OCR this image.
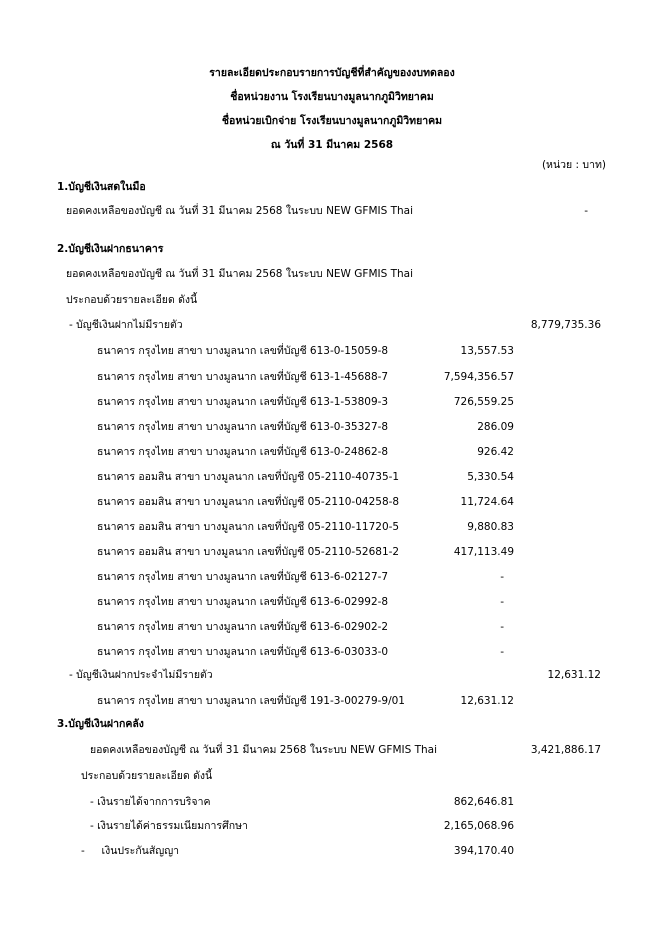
รายละเอียดประกอบรายการบัญชีที่สำคัญของงบทดลอง
ชื่อหน่วยงาน โรงเรียนบางมูลนากภูมิวิทยาคม
ชื่อหน่วยเบิกจ่าย โรงเรียนบางมูลนากภูมิวิทยาคม
ณ วันที่ 31 มีนาคม 2568
(หน่วย : บาท)
1.บัญชีเงินสดในมือ
ยอดคงเหลือของบัญชี ณ วันที่ 31 มีนาคม 2568 ในระบบ NEW GFMIS Thai	-
2.บัญชีเงินฝากธนาคาร
ยอดคงเหลือของบัญชี ณ วันที่ 31 มีนาคม 2568 ในระบบ NEW GFMIS Thai
ประกอบด้วยรายละเอียด ดังนี้
- บัญชีเงินฝากไม่มีรายตัว	8,779,735.36
ธนาคาร กรุงไทย สาขา บางมูลนาก เลขที่บัญชี 613-0-15059-8	13,557.53
ธนาคาร กรุงไทย สาขา บางมูลนาก เลขที่บัญชี 613-1-45688-7	7,594,356.57
ธนาคาร กรุงไทย สาขา บางมูลนาก เลขที่บัญชี 613-1-53809-3	726,559.25
ธนาคาร กรุงไทย สาขา บางมูลนาก เลขที่บัญชี 613-0-35327-8	286.09
ธนาคาร กรุงไทย สาขา บางมูลนาก เลขที่บัญชี 613-0-24862-8	926.42
ธนาคาร ออมสิน สาขา บางมูลนาก เลขที่บัญชี 05-2110-40735-1	5,330.54
ธนาคาร ออมสิน สาขา บางมูลนาก เลขที่บัญชี 05-2110-04258-8	11,724.64
ธนาคาร ออมสิน สาขา บางมูลนาก เลขที่บัญชี 05-2110-11720-5	9,880.83
ธนาคาร ออมสิน สาขา บางมูลนาก เลขที่บัญชี 05-2110-52681-2	417,113.49
ธนาคาร กรุงไทย สาขา บางมูลนาก เลขที่บัญชี 613-6-02127-7	-
ธนาคาร กรุงไทย สาขา บางมูลนาก เลขที่บัญชี 613-6-02992-8	-
ธนาคาร กรุงไทย สาขา บางมูลนาก เลขที่บัญชี 613-6-02902-2	-
ธนาคาร กรุงไทย สาขา บางมูลนาก เลขที่บัญชี 613-6-03033-0	-
- บัญชีเงินฝากประจำไม่มีรายตัว	12,631.12
ธนาคาร กรุงไทย สาขา บางมูลนาก เลขที่บัญชี 191-3-00279-9/01	12,631.12
3.บัญชีเงินฝากคลัง
ยอดคงเหลือของบัญชี ณ วันที่ 31 มีนาคม 2568 ในระบบ NEW GFMIS Thai	3,421,886.17
ประกอบด้วยรายละเอียด ดังนี้
- เงินรายได้จากการบริจาค	862,646.81
- เงินรายได้ค่าธรรมเนียมการศึกษา	2,165,068.96
-     เงินประกันสัญญา	394,170.40
